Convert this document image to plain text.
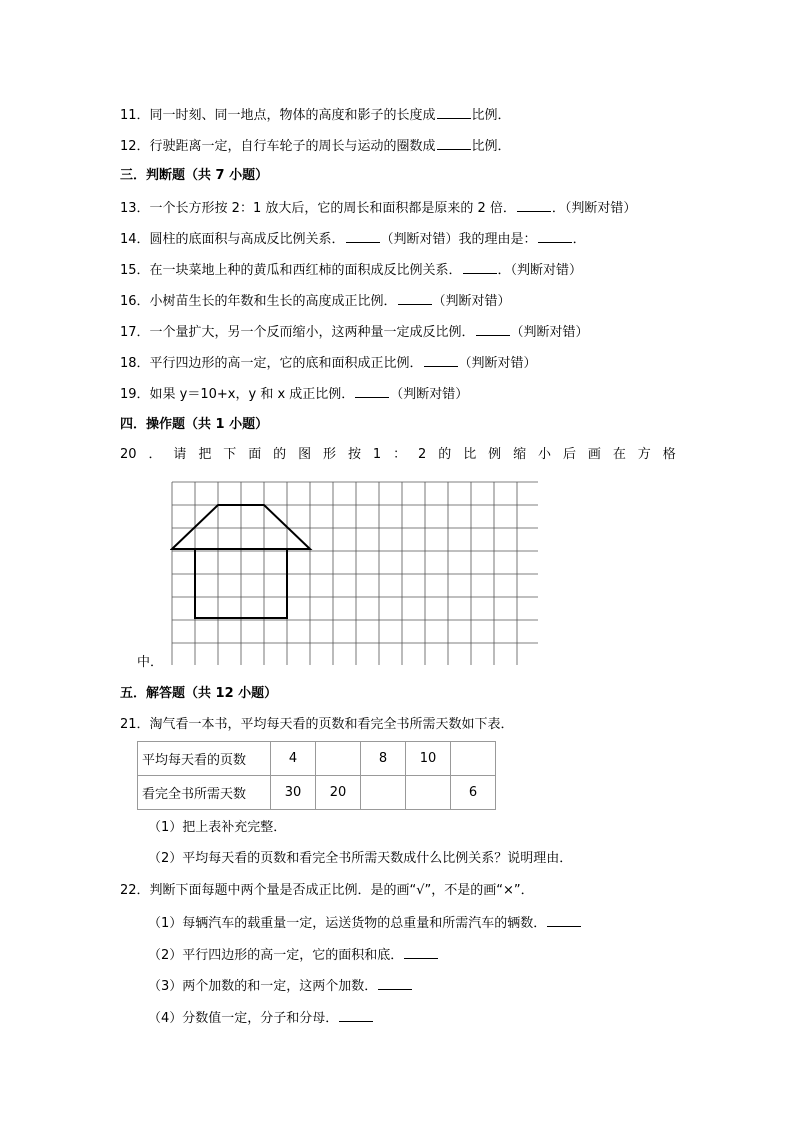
11．同一时刻、同一地点，物体的高度和影子的长度成	比例．
12．行驶距离一定，自行车轮子的周长与运动的圈数成	比例．
三．判断题（共 7 小题）
13．一个长方形按 2：1 放大后，它的周长和面积都是原来的 2 倍．	．（判断对错）
14．圆柱的底面积与高成反比例关系．	（判断对错）我的理由是：	．
15．在一块菜地上种的黄瓜和西红柿的面积成反比例关系．	．（判断对错）
16．小树苗生长的年数和生长的高度成正比例．	（判断对错）
17．一个量扩大，另一个反而缩小，这两种量一定成反比例．	（判断对错）
18．平行四边形的高一定，它的底和面积成正比例．	（判断对错）
19．如果 y＝10+x，y 和 x 成正比例．	（判断对错）
四．操作题（共 1 小题）
20 ． 请 把 下 面 的 图 形 按 1 ： 2 的 比 例 缩 小 后 画 在 方 格
中．
五．解答题（共 12 小题）
21．淘气看一本书，平均每天看的页数和看完全书所需天数如下表．
平均每天看的页数	4		8	10	
看完全书所需天数	30	20			6
（1）把上表补充完整．
（2）平均每天看的页数和看完全书所需天数成什么比例关系？说明理由．
22．判断下面每题中两个量是否成正比例．是的画“√”，不是的画“×”．
（1）每辆汽车的载重量一定，运送货物的总重量和所需汽车的辆数．
（2）平行四边形的高一定，它的面积和底．
（3）两个加数的和一定，这两个加数．
（4）分数值一定，分子和分母．
